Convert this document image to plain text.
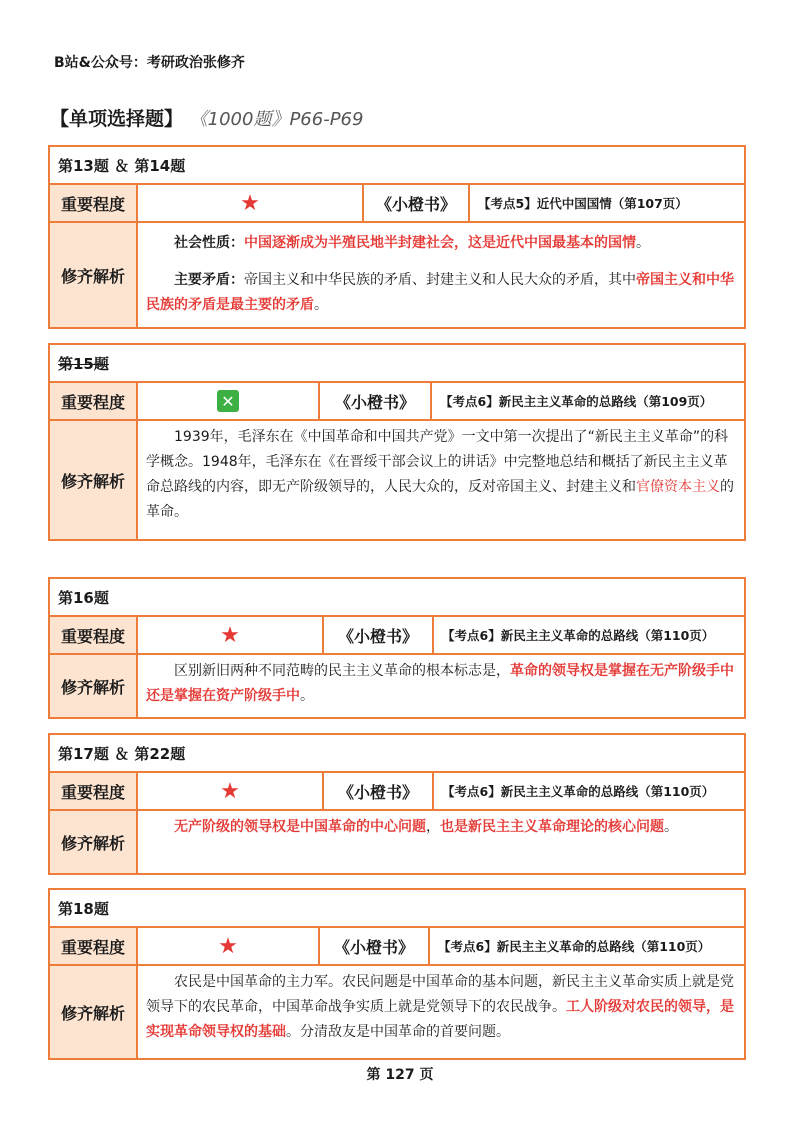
B站&公众号：考研政治张修齐
【单项选择题】 《1000题》P66-P69
第13题 ＆ 第14题
重要程度	★	《小橙书》	【考点5】近代中国国情（第107页）
修齐解析

社会性质：中国逐渐成为半殖民地半封建社会，这是近代中国最基本的国情。

主要矛盾：帝国主义和中华民族的矛盾、封建主义和人民大众的矛盾，其中帝国主义和中华民族的矛盾是最主要的矛盾。

第15题
重要程度	✕	《小橙书》	【考点6】新民主主义革命的总路线（第109页）
修齐解析

1939年，毛泽东在《中国革命和中国共产党》一文中第一次提出了“新民主主义革命”的科学概念。1948年，毛泽东在《在晋绥干部会议上的讲话》中完整地总结和概括了新民主主义革命总路线的内容，即无产阶级领导的，人民大众的，反对帝国主义、封建主义和官僚资本主义的革命。

第16题
重要程度	★	《小橙书》	【考点6】新民主主义革命的总路线（第110页）
修齐解析

区别新旧两种不同范畴的民主主义革命的根本标志是，革命的领导权是掌握在无产阶级手中还是掌握在资产阶级手中。

第17题 ＆ 第22题
重要程度	★	《小橙书》	【考点6】新民主主义革命的总路线（第110页）
修齐解析

无产阶级的领导权是中国革命的中心问题，也是新民主主义革命理论的核心问题。

第18题
重要程度	★	《小橙书》	【考点6】新民主主义革命的总路线（第110页）
修齐解析

农民是中国革命的主力军。农民问题是中国革命的基本问题，新民主主义革命实质上就是党领导下的农民革命，中国革命战争实质上就是党领导下的农民战争。工人阶级对农民的领导，是实现革命领导权的基础。分清敌友是中国革命的首要问题。

第 127 页
